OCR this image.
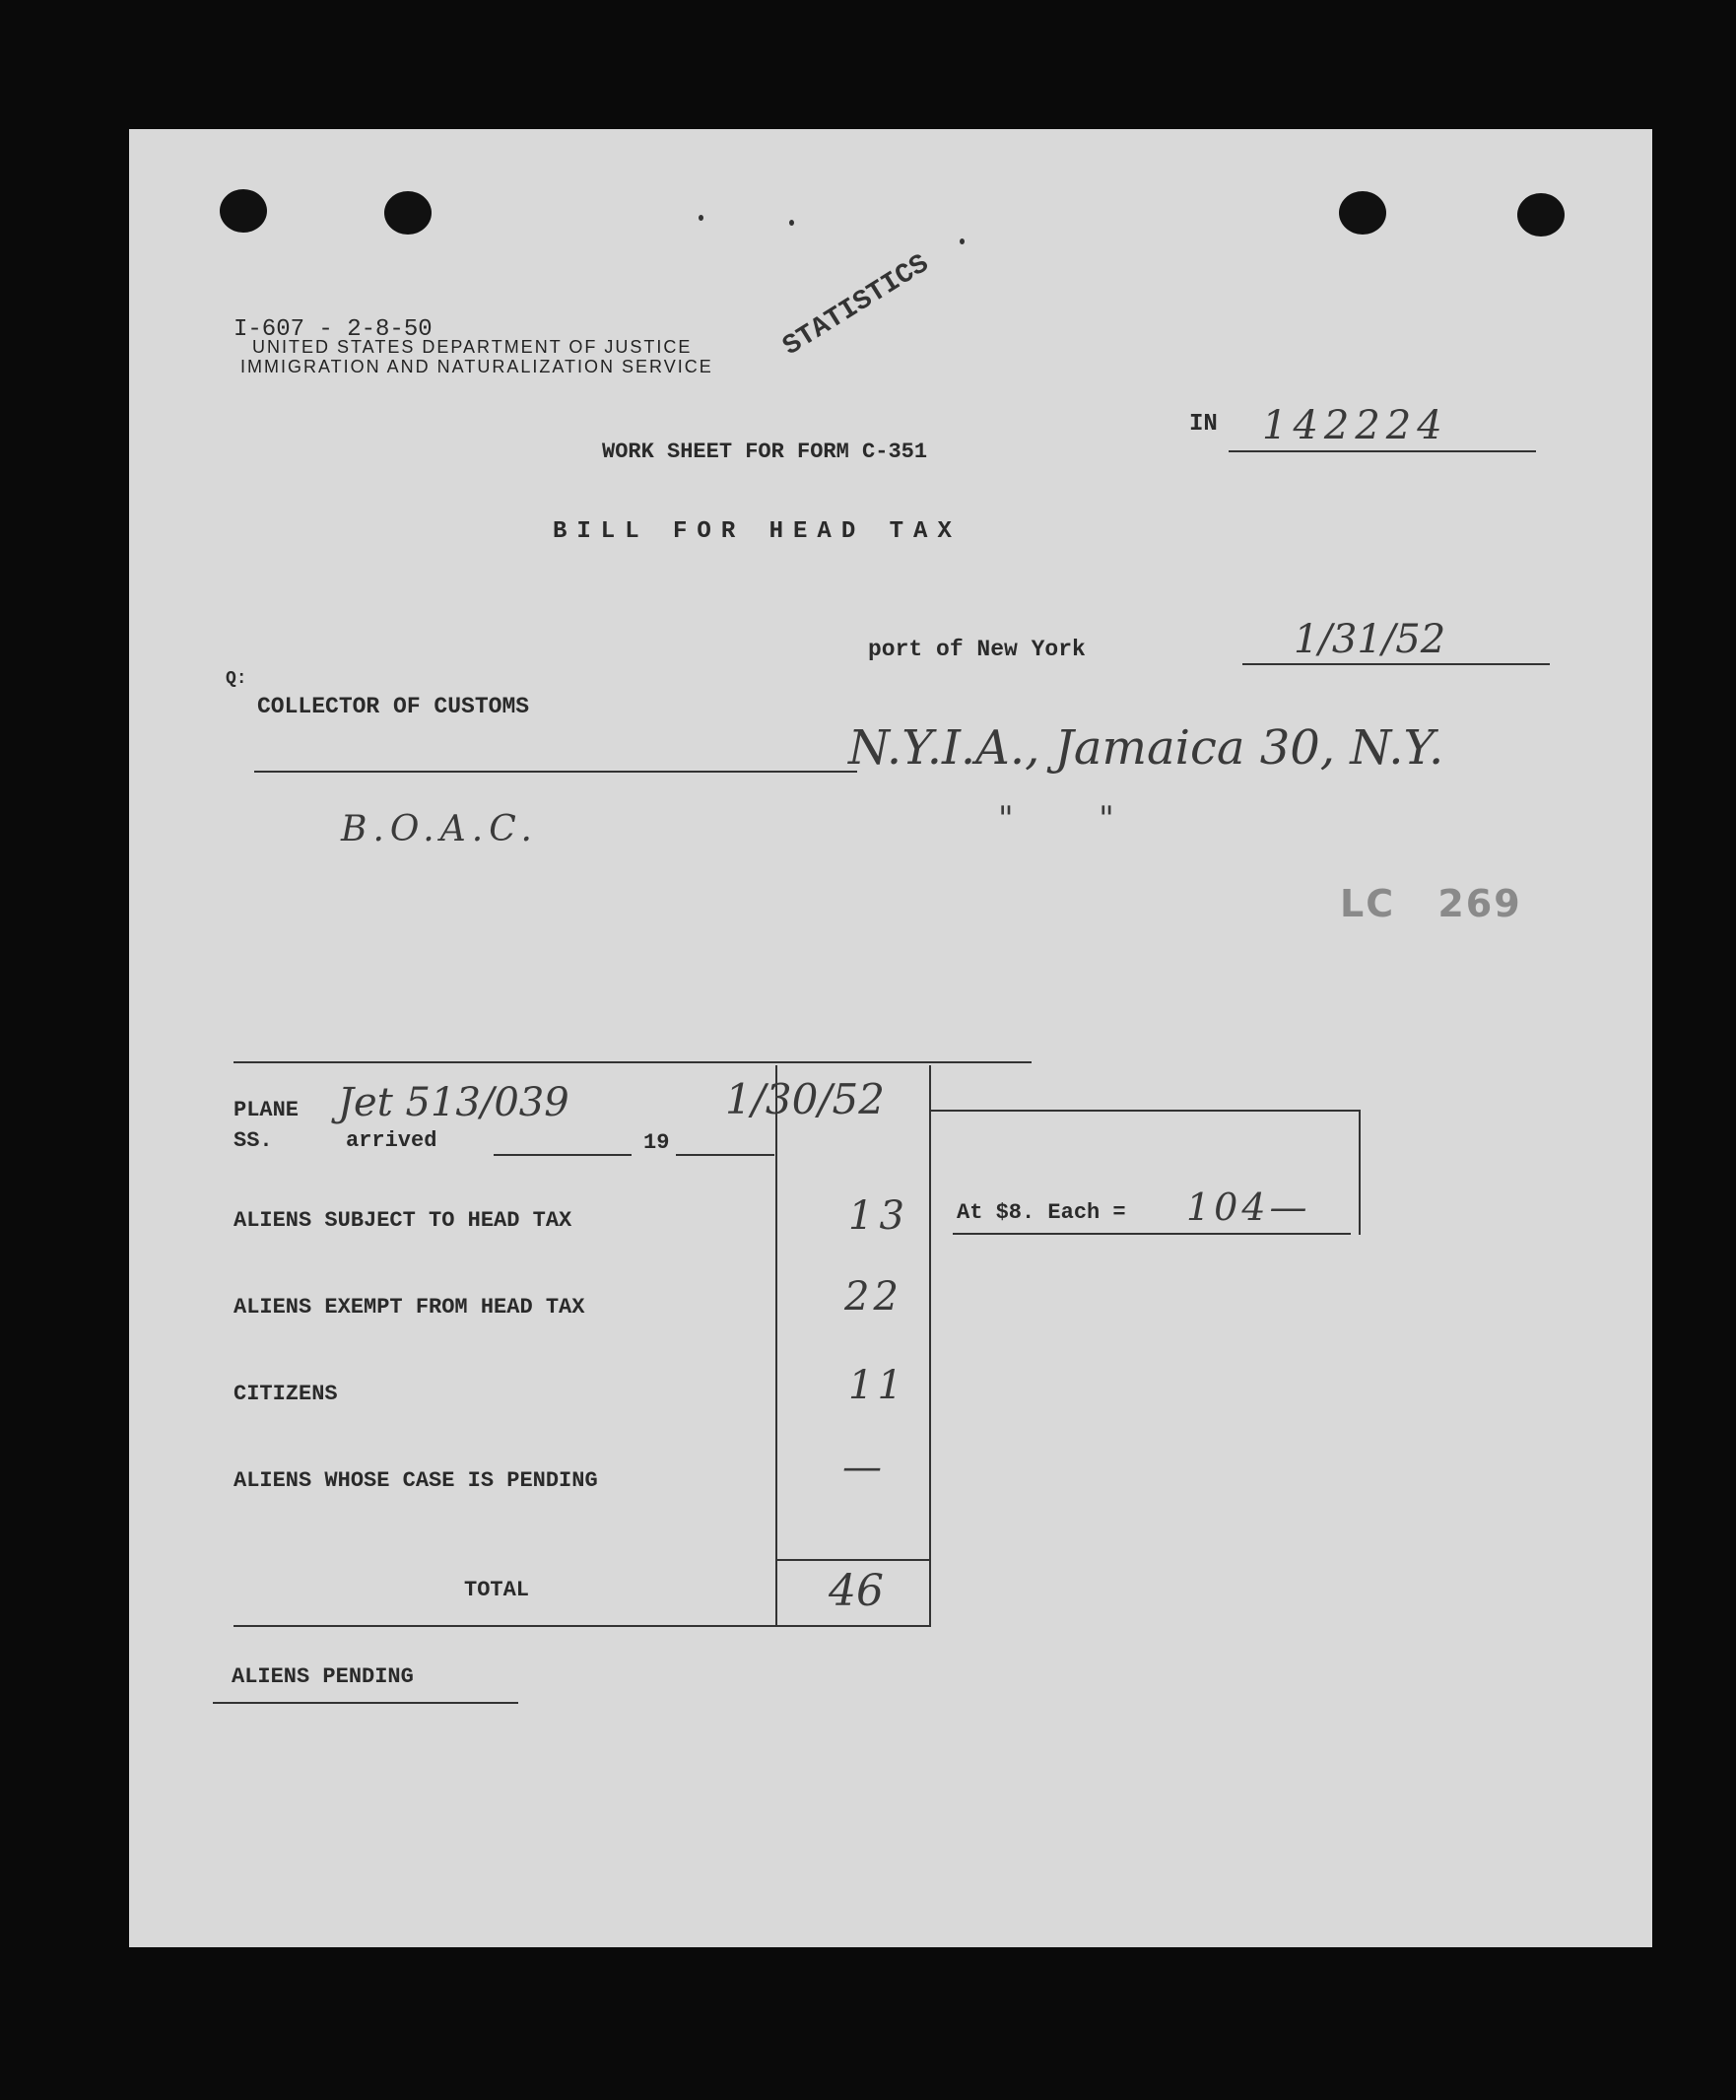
I-607 - 2-8-50
UNITED STATES DEPARTMENT OF JUSTICE
IMMIGRATION AND NATURALIZATION SERVICE
STATISTICS
IN 142224
WORK SHEET FOR FORM C-351
BILL FOR HEAD TAX
port of New York	1/31/52
Q:
COLLECTOR OF CUSTOMS
N.Y.I.A., Jamaica 30, N.Y.
B.O.A.C.	"        "
LC 269
PLANE
SS.	arrived	19
Jet 513/039	1/30/52
ALIENS SUBJECT TO HEAD TAX	13
ALIENS EXEMPT FROM HEAD TAX	22
CITIZENS	11
ALIENS WHOSE CASE IS PENDING	—
TOTAL	46
At $8. Each = 104—
ALIENS PENDING
